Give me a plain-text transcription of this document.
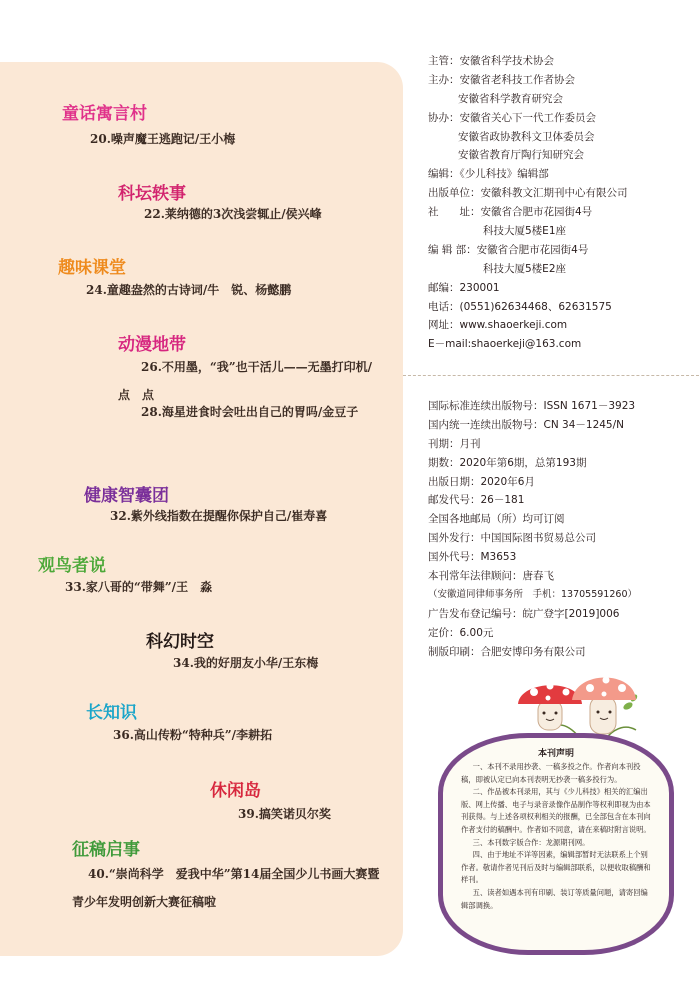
童话寓言村
20.噪声魔王逃跑记/王小梅
科坛轶事
22.莱纳德的3次浅尝辄止/侯兴峰
趣味课堂
24.童趣盎然的古诗词/牛　锐、杨懿鹏
动漫地带
26.不用墨，“我”也干活儿——无墨打印机/点　点
28.海星进食时会吐出自己的胃吗/金豆子
健康智囊团
32.紫外线指数在提醒你保护自己/崔寿喜
观鸟者说
33.家八哥的“带舞”/王　淼
科幻时空
34.我的好朋友小华/王东梅
长知识
36.高山传粉“特种兵”/李耕拓
休闲岛
39.搞笑诺贝尔奖
征稿启事
40.“崇尚科学　爱我中华”第14届全国少儿书画大赛暨青少年发明创新大赛征稿啦
主管：安徽省科学技术协会
主办：安徽省老科技工作者协会
安徽省科学教育研究会
协办：安徽省关心下一代工作委员会
安徽省政协教科文卫体委员会
安徽省教育厅陶行知研究会
编辑：《少儿科技》编辑部
出版单位：安徽科教文汇期刊中心有限公司
社　　址：安徽省合肥市花园街4号
科技大厦5楼E1座
编 辑 部：安徽省合肥市花园街4号
科技大厦5楼E2座
邮编：230001
电话：(0551)62634468、62631575
网址：www.shaoerkeji.com
E－mail:shaoerkeji@163.com
国际标准连续出版物号：ISSN 1671－3923
国内统一连续出版物号：CN 34－1245/N
刊期：月刊
期数：2020年第6期，总第193期
出版日期：2020年6月
邮发代号：26－181
全国各地邮局（所）均可订阅
国外发行：中国国际图书贸易总公司
国外代号：M3653
本刊常年法律顾问：唐春飞
（安徽道同律师事务所　手机：13705591260）
广告发布登记编号：皖广登字[2019]006
定价：6.00元
制版印刷：合肥安博印务有限公司
本刊声明
一、本刊不录用抄袭、一稿多投之作。作者向本刊投稿，即被认定已向本刊表明无抄袭一稿多投行为。
二、作品被本刊录用，其与《少儿科技》相关的汇编出版、网上传播、电子与录音录像作品制作等权利即视为由本刊获得。与上述各项权利相关的报酬，已全部包含在本刊向作者支付的稿酬中。作者如不同意，请在来稿时附言说明。
三、本刊数字版合作：龙源期刊网。
四、由于地址不详等因素，编辑部暂时无法联系上个别作者。敬请作者见刊后及时与编辑部联系，以便收取稿酬和样刊。
五、读者如遇本刊有印刷、装订等质量问题，请寄回编辑部调换。
